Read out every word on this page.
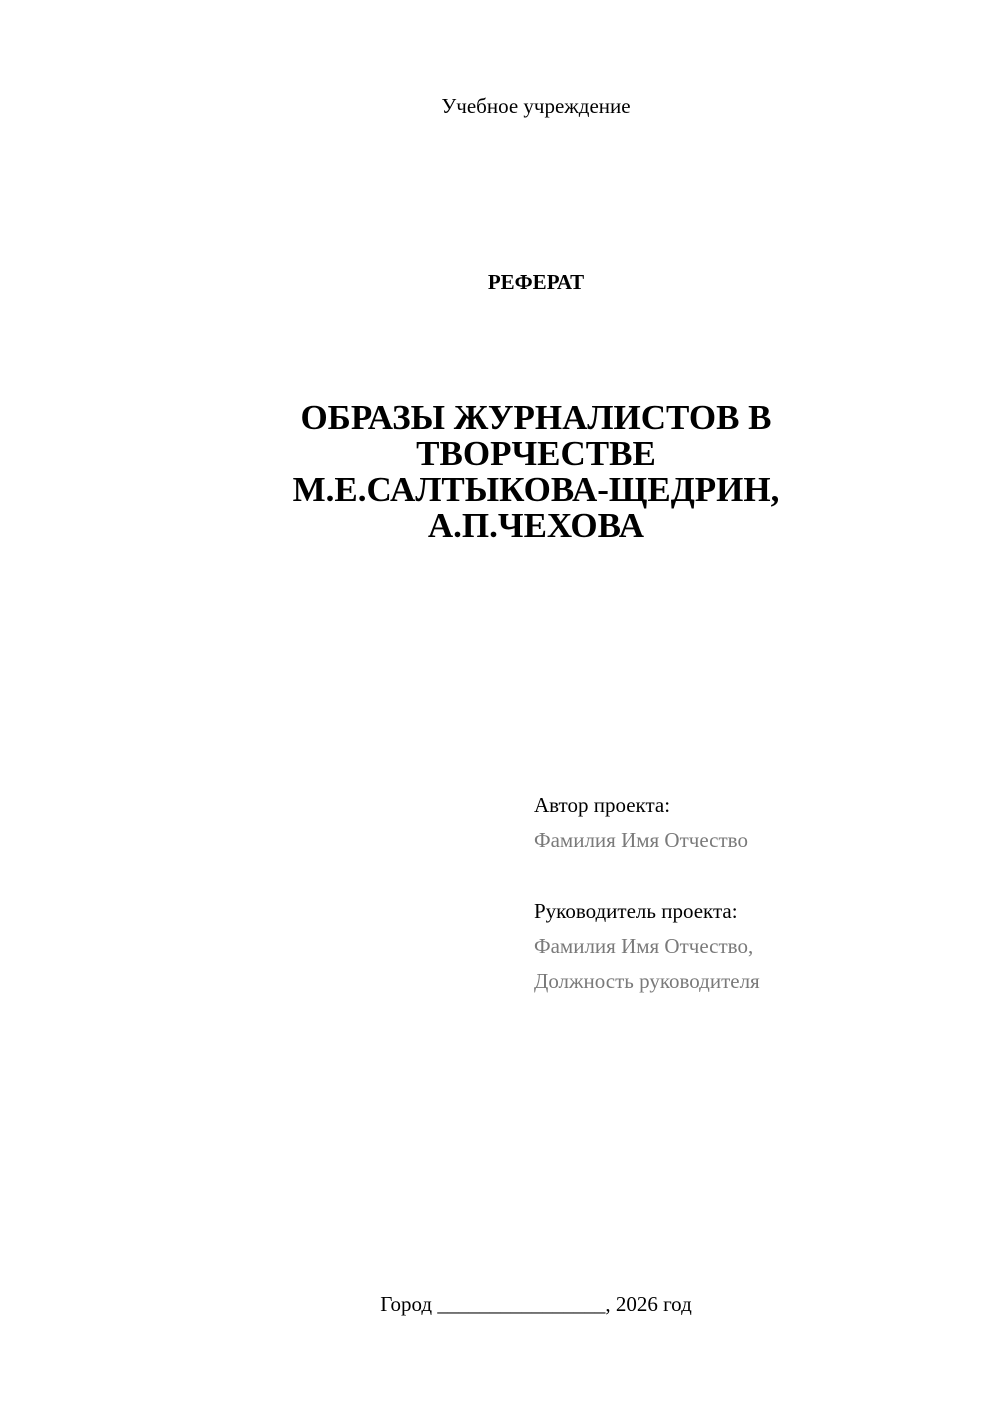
Учебное учреждение
РЕФЕРАТ
ОБРАЗЫ ЖУРНАЛИСТОВ В
ТВОРЧЕСТВЕ
М.Е.САЛТЫКОВА-ЩЕДРИН,
А.П.ЧЕХОВА
Автор проекта:
Фамилия Имя Отчество
Руководитель проекта:
Фамилия Имя Отчество,
Должность руководителя
Город ________________, 2026 год
